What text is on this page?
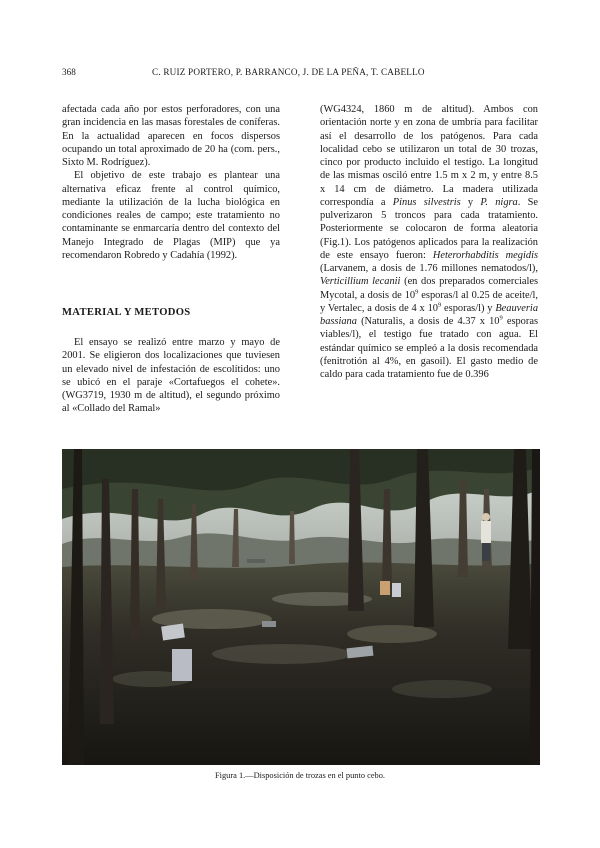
368	C. RUIZ PORTERO, P. BARRANCO, J. DE LA PEÑA, T. CABELLO

afectada cada año por estos perforadores, con una gran incidencia en las masas forestales de coníferas. En la actualidad aparecen en focos dispersos ocupando un total aproximado de 20 ha (com. pers., Sixto M. Rodríguez).

El objetivo de este trabajo es plantear una alternativa eficaz frente al control químico, mediante la utilización de la lucha biológica en condiciones reales de campo; este tratamiento no contaminante se enmarcaría dentro del contexto del Manejo Integrado de Plagas (MIP) que ya recomendaron Robredo y Cadahía (1992).

MATERIAL Y METODOS

El ensayo se realizó entre marzo y mayo de 2001. Se eligieron dos localizaciones que tuviesen un elevado nivel de infestación de escolítidos: uno se ubicó en el paraje «Cortafuegos el cohete».(WG3719, 1930 m de altitud), el segundo próximo al «Collado del Ramal»

(WG4324, 1860 m de altitud). Ambos con orientación norte y en zona de umbría para facilitar así el desarrollo de los patógenos. Para cada localidad cebo se utilizaron un total de 30 trozas, cinco por producto incluido el testigo. La longitud de las mismas osciló entre 1.5 m x 2 m, y entre 8.5 x 14 cm de diámetro. La madera utilizada correspondía a Pinus silvestris y P. nigra. Se pulverizaron 5 troncos para cada tratamiento. Posteriormente se colocaron de forma aleatoria (Fig.1). Los patógenos aplicados para la realización de este ensayo fueron: Heterorhabditis megidis (Larvanem, a dosis de 1.76 millones nematodos/l), Verticillium lecanii (en dos preparados comerciales Mycotal, a dosis de $10^9$ esporas/l al 0.25 de aceite/l, y Vertalec, a dosis de 4 x $10^9$ esporas/l) y Beauveria bassiana (Naturalis, a dosis de 4.37 x $10^9$ esporas viables/l), el testigo fue tratado con agua. El estándar químico se empleó a la dosis recomendada (fenitrotión al 4%, en gasoil). El gasto medio de caldo para cada tratamiento fue de 0.396

Figura 1.—Disposición de trozas en el punto cebo.
